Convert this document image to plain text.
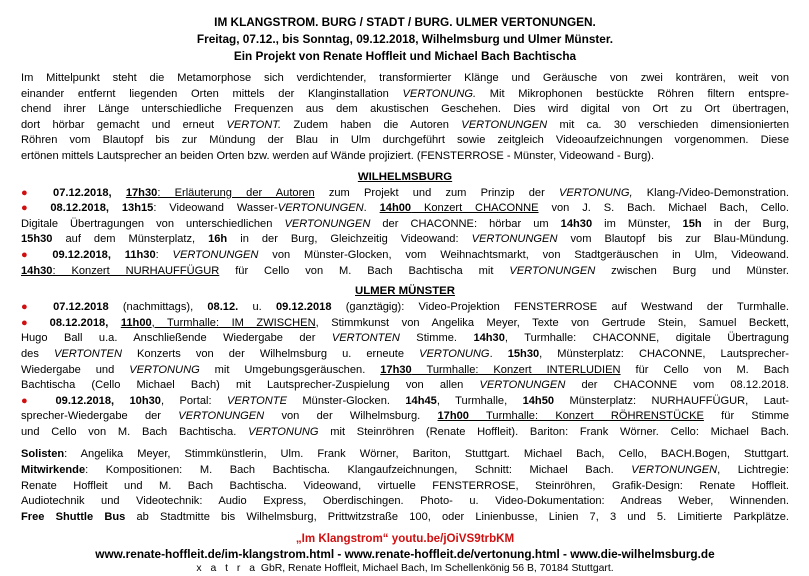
IM KLANGSTROM. BURG / STADT / BURG. ULMER VERTONUNGEN.
Freitag, 07.12., bis Sonntag, 09.12.2018, Wilhelmsburg und Ulmer Münster.
Ein Projekt von Renate Hoffleit und Michael Bach Bachtischa
Im Mittelpunkt steht die Metamorphose sich verdichtender, transformierter Klänge und Geräusche von zwei konträren, weit von
einander entfernt liegenden Orten mittels der Klanginstallation VERTONUNG. Mit Mikrophonen bestückte Röhren filtern entspre-
chend ihrer Länge unterschiedliche Frequenzen aus dem akustischen Geschehen. Dies wird digital von Ort zu Ort übertragen,
dort hörbar gemacht und erneut VERTONT. Zudem haben die Autoren VERTONUNGEN mit ca. 30 verschieden dimensionierten
Röhren vom Blautopf bis zur Mündung der Blau in Ulm durchgeführt sowie zeitgleich Videoaufzeichnungen vorgenommen. Diese
ertönen mittels Lautsprecher an beiden Orten bzw. werden auf Wände projiziert. (FENSTERROSE - Münster, Videowand - Burg).
WILHELMSBURG
● 07.12.2018, 17h30: Erläuterung der Autoren zum Projekt und zum Prinzip der VERTONUNG, Klang-/Video-Demonstration.
● 08.12.2018, 13h15: Videowand Wasser-VERTONUNGEN. 14h00 Konzert CHACONNE von J. S. Bach. Michael Bach, Cello.
Digitale Übertragungen von unterschiedlichen VERTONUNGEN der CHACONNE: hörbar um 14h30 im Münster, 15h in der Burg,
15h30 auf dem Münsterplatz, 16h in der Burg, Gleichzeitig Videowand: VERTONUNGEN vom Blautopf bis zur Blau-Mündung.
● 09.12.2018, 11h30: VERTONUNGEN von Münster-Glocken, vom Weihnachtsmarkt, von Stadtgeräuschen in Ulm, Videowand.
14h30: Konzert NURHAUFFÜGUR für Cello von M. Bach Bachtischa mit VERTONUNGEN zwischen Burg und Münster.
ULMER MÜNSTER
● 07.12.2018 (nachmittags), 08.12. u. 09.12.2018 (ganztägig): Video-Projektion FENSTERROSE auf Westwand der Turmhalle.
● 08.12.2018, 11h00, Turmhalle: IM ZWISCHEN, Stimmkunst von Angelika Meyer, Texte von Gertrude Stein, Samuel Beckett,
Hugo Ball u.a. Anschließende Wiedergabe der VERTONTEN Stimme. 14h30, Turmhalle: CHACONNE, digitale Übertragung
des VERTONTEN Konzerts von der Wilhelmsburg u. erneute VERTONUNG. 15h30, Münsterplatz: CHACONNE, Lautsprecher-
Wiedergabe und VERTONUNG mit Umgebungsgeräuschen. 17h30 Turmhalle: Konzert INTERLUDIEN für Cello von M. Bach
Bachtischa (Cello Michael Bach) mit Lautsprecher-Zuspielung von allen VERTONUNGEN der CHACONNE vom 08.12.2018.
● 09.12.2018, 10h30, Portal: VERTONTE Münster-Glocken. 14h45, Turmhalle, 14h50 Münsterplatz: NURHAUFFÜGUR, Laut-
sprecher-Wiedergabe der VERTONUNGEN von der Wilhelmsburg. 17h00 Turmhalle: Konzert RÖHRENSTÜCKE für Stimme
und Cello von M. Bach Bachtischa. VERTONUNG mit Steinröhren (Renate Hoffleit). Bariton: Frank Wörner. Cello: Michael Bach.
Solisten: Angelika Meyer, Stimmkünstlerin, Ulm. Frank Wörner, Bariton, Stuttgart. Michael Bach, Cello, BACH.Bogen, Stuttgart.
Mitwirkende: Kompositionen: M. Bach Bachtischa. Klangaufzeichnungen, Schnitt: Michael Bach. VERTONUNGEN, Lichtregie:
Renate Hoffleit und M. Bach Bachtischa. Videowand, virtuelle FENSTERROSE, Steinröhren, Grafik-Design: Renate Hoffleit.
Audiotechnik und Videotechnik: Audio Express, Oberdischingen. Photo- u. Video-Dokumentation: Andreas Weber, Winnenden.
Free Shuttle Bus ab Stadtmitte bis Wilhelmsburg, Prittwitzstraße 100, oder Linienbusse, Linien 7, 3 und 5. Limitierte Parkplätze.
„Im Klangstrom“ youtu.be/jOiVS9trbKM
www.renate-hoffleit.de/im-klangstrom.html - www.renate-hoffleit.de/vertonung.html - www.die-wilhelmsburg.de
x a t r a GbR, Renate Hoffleit, Michael Bach, Im Schellenkönig 56 B, 70184 Stuttgart.
